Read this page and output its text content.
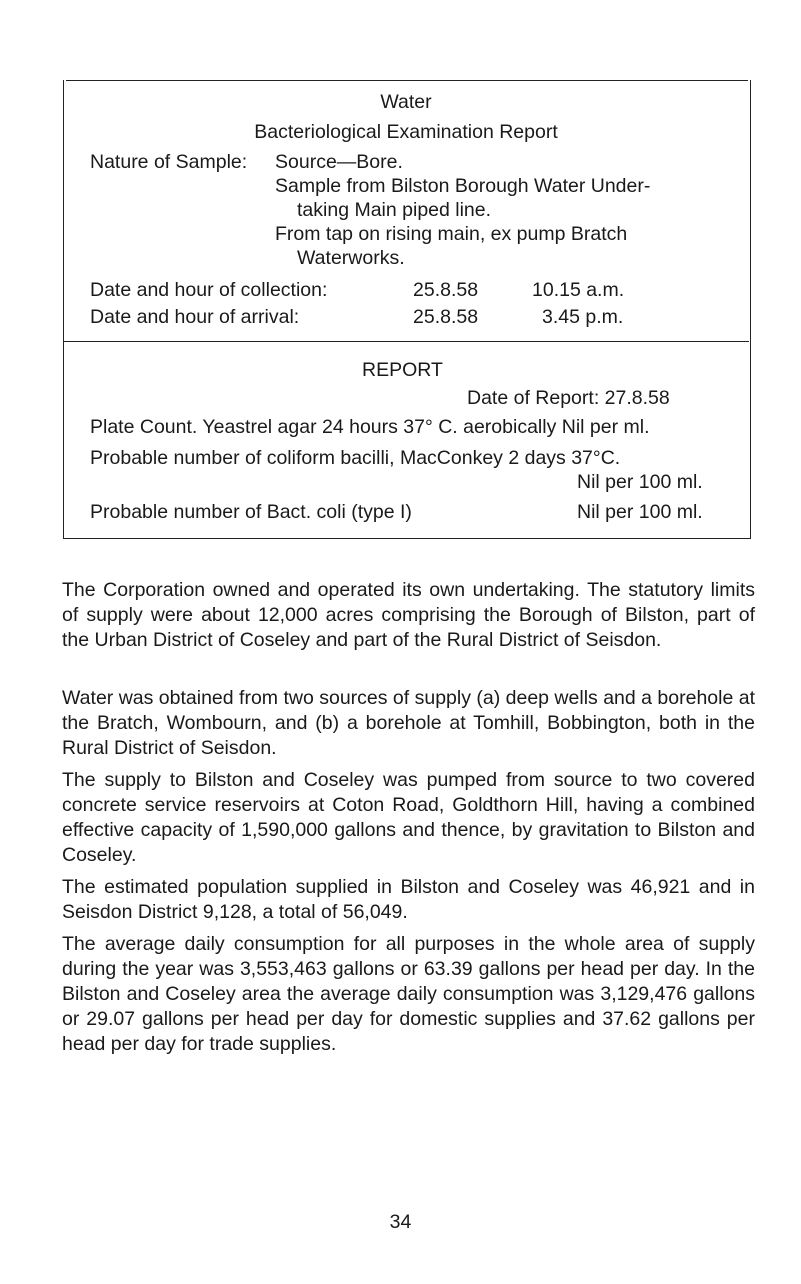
Water
Bacteriological Examination Report
Nature of Sample: Source—Bore.
Sample from Bilston Borough Water Under-
taking Main piped line.
From tap on rising main, ex pump Bratch
Waterworks.
Date and hour of collection:	25.8.58	10.15 a.m.
Date and hour of arrival:	25.8.58	3.45 p.m.
REPORT
Date of Report: 27.8.58
Plate Count. Yeastrel agar 24 hours 37° C. aerobically Nil per ml.
Probable number of coliform bacilli, MacConkey 2 days 37°C.
Nil per 100 ml.
Probable number of Bact. coli (type I)	Nil per 100 ml.
The Corporation owned and operated its own undertaking. The statutory limits of supply were about 12,000 acres comprising the Borough of Bilston, part of the Urban District of Coseley and part of the Rural District of Seisdon.
Water was obtained from two sources of supply (a) deep wells and a borehole at the Bratch, Wombourn, and (b) a borehole at Tomhill, Bobbington, both in the Rural District of Seisdon.
The supply to Bilston and Coseley was pumped from source to two covered concrete service reservoirs at Coton Road, Goldthorn Hill, having a combined effective capacity of 1,590,000 gallons and thence, by gravitation to Bilston and Coseley.
The estimated population supplied in Bilston and Coseley was 46,921 and in Seisdon District 9,128, a total of 56,049.
The average daily consumption for all purposes in the whole area of supply during the year was 3,553,463 gallons or 63.39 gallons per head per day. In the Bilston and Coseley area the average daily consumption was 3,129,476 gallons or 29.07 gallons per head per day for domestic supplies and 37.62 gallons per head per day for trade supplies.
34
